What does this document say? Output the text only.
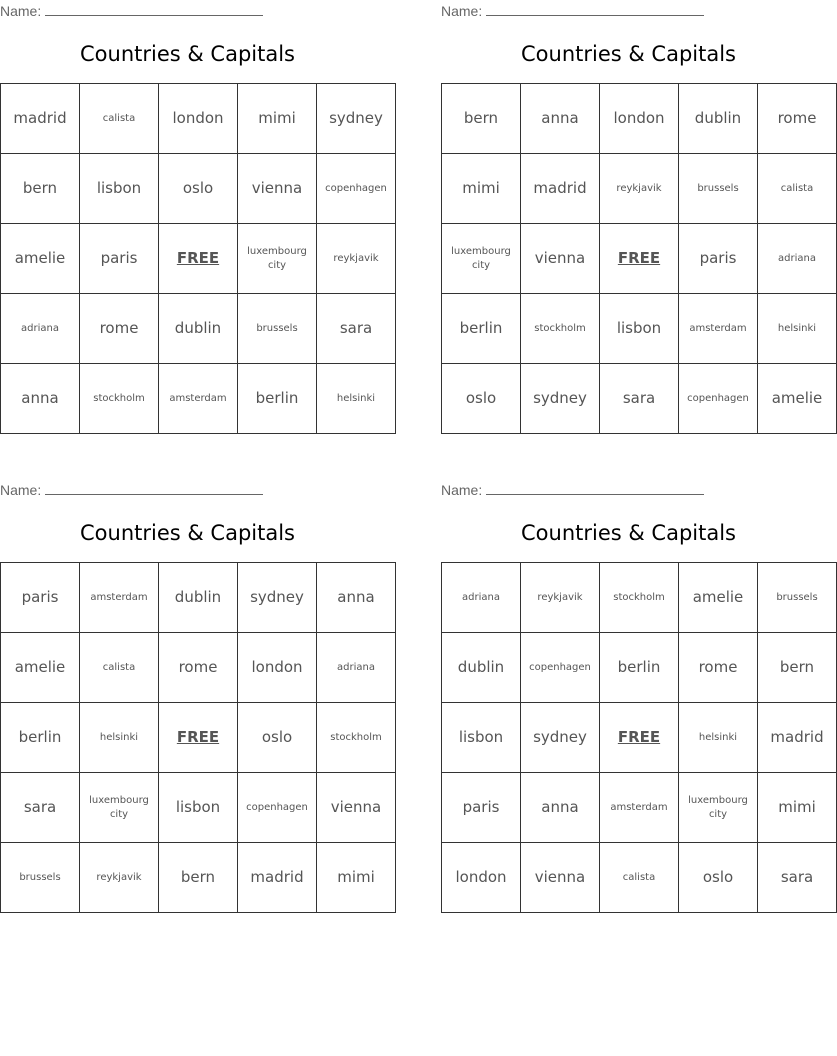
Name:
Countries & Capitals
madrid	calista	london	mimi	sydney
bern	lisbon	oslo	vienna	copenhagen
amelie	paris	FREE	luxembourg city	reykjavik
adriana	rome	dublin	brussels	sara
anna	stockholm	amsterdam	berlin	helsinki
Name:
Countries & Capitals
bern	anna	london	dublin	rome
mimi	madrid	reykjavik	brussels	calista
luxembourg city	vienna	FREE	paris	adriana
berlin	stockholm	lisbon	amsterdam	helsinki
oslo	sydney	sara	copenhagen	amelie
Name:
Countries & Capitals
paris	amsterdam	dublin	sydney	anna
amelie	calista	rome	london	adriana
berlin	helsinki	FREE	oslo	stockholm
sara	luxembourg city	lisbon	copenhagen	vienna
brussels	reykjavik	bern	madrid	mimi
Name:
Countries & Capitals
adriana	reykjavik	stockholm	amelie	brussels
dublin	copenhagen	berlin	rome	bern
lisbon	sydney	FREE	helsinki	madrid
paris	anna	amsterdam	luxembourg city	mimi
london	vienna	calista	oslo	sara
